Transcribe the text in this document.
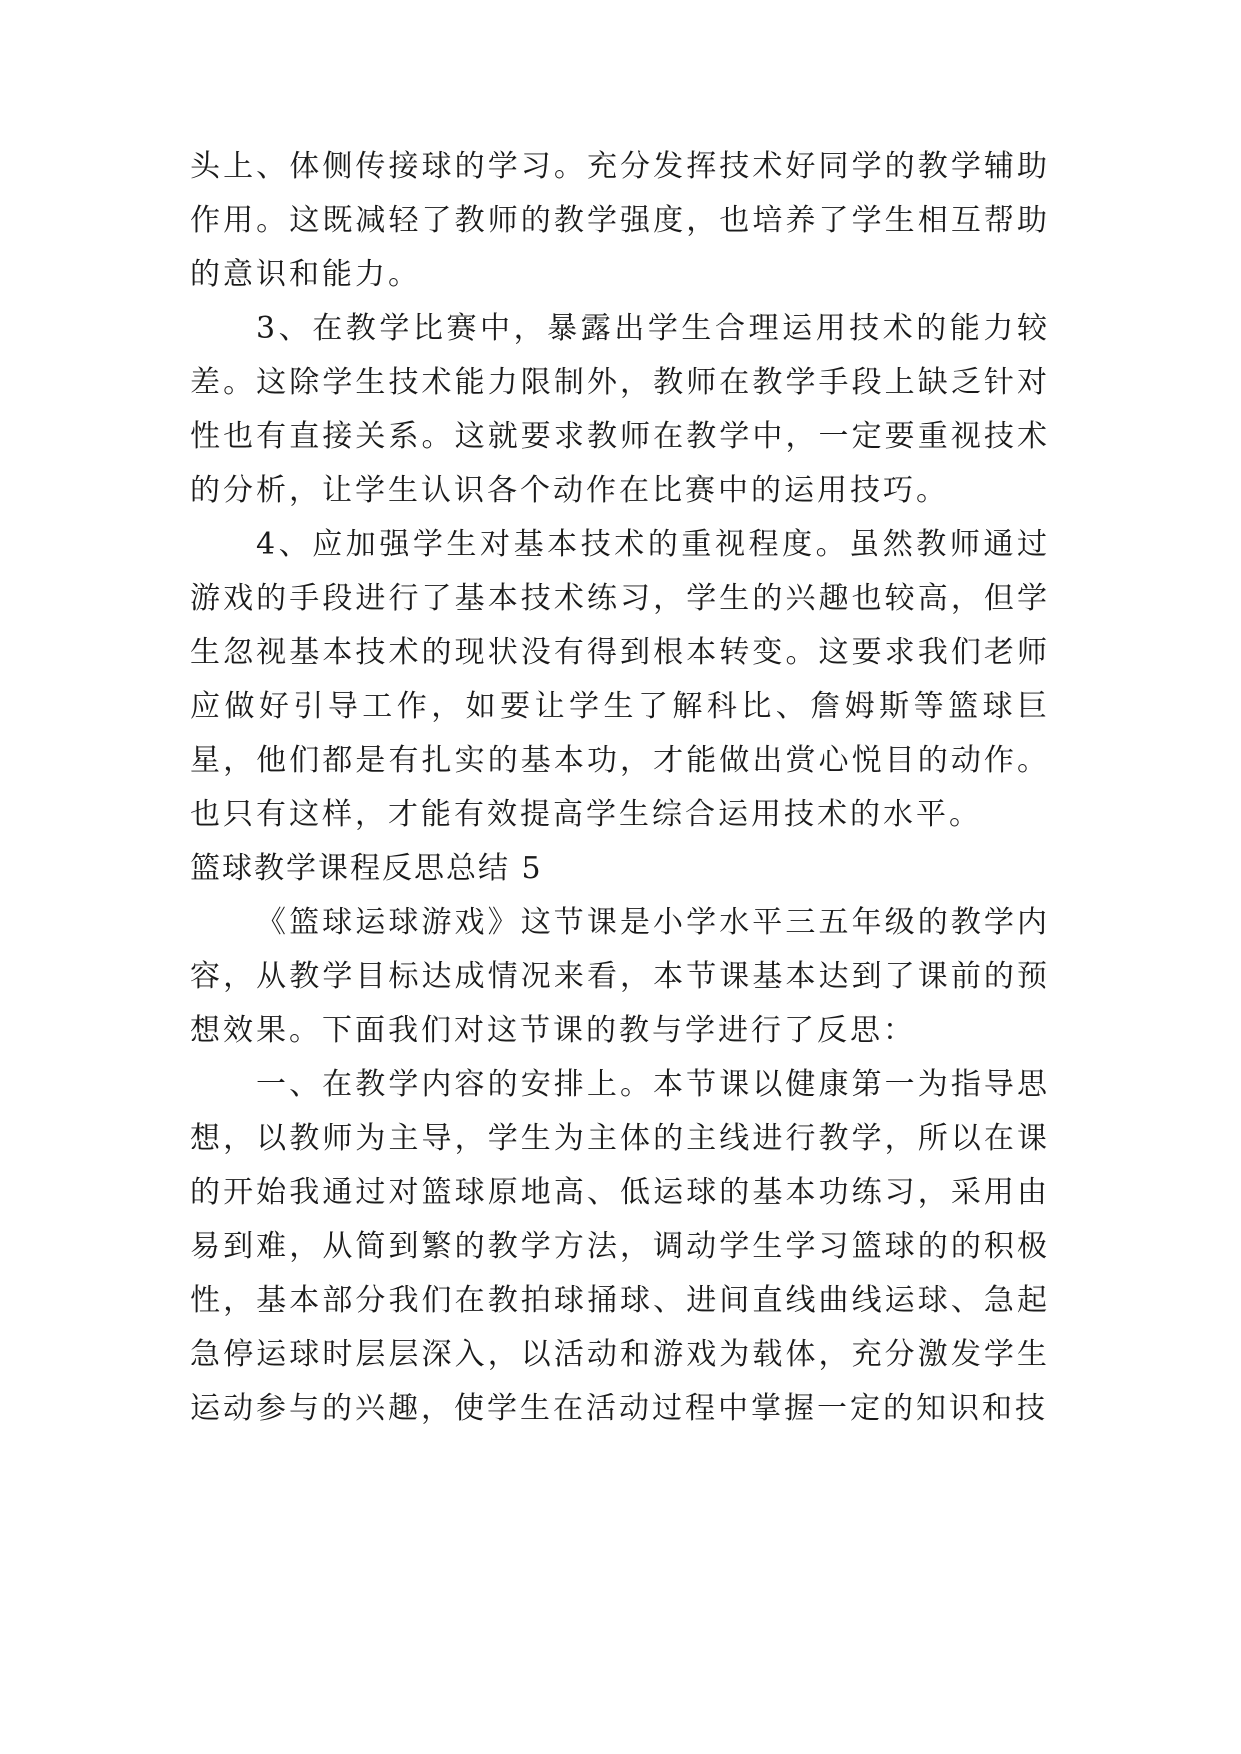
头上、体侧传接球的学习。充分发挥技术好同学的教学辅助作用。这既减轻了教师的教学强度，也培养了学生相互帮助的意识和能力。

3、在教学比赛中，暴露出学生合理运用技术的能力较差。这除学生技术能力限制外，教师在教学手段上缺乏针对性也有直接关系。这就要求教师在教学中，一定要重视技术的分析，让学生认识各个动作在比赛中的运用技巧。

4、应加强学生对基本技术的重视程度。虽然教师通过游戏的手段进行了基本技术练习，学生的兴趣也较高，但学生忽视基本技术的现状没有得到根本转变。这要求我们老师应做好引导工作，如要让学生了解科比、詹姆斯等篮球巨星，他们都是有扎实的基本功，才能做出赏心悦目的动作。也只有这样，才能有效提高学生综合运用技术的水平。

篮球教学课程反思总结 5

《篮球运球游戏》这节课是小学水平三五年级的教学内容，从教学目标达成情况来看，本节课基本达到了课前的预想效果。下面我们对这节课的教与学进行了反思：

一、在教学内容的安排上。本节课以健康第一为指导思想，以教师为主导，学生为主体的主线进行教学，所以在课的开始我通过对篮球原地高、低运球的基本功练习，采用由易到难，从简到繁的教学方法，调动学生学习篮球的的积极性，基本部分我们在教拍球捅球、进间直线曲线运球、急起急停运球时层层深入，以活动和游戏为载体，充分激发学生运动参与的兴趣，使学生在活动过程中掌握一定的知识和技
